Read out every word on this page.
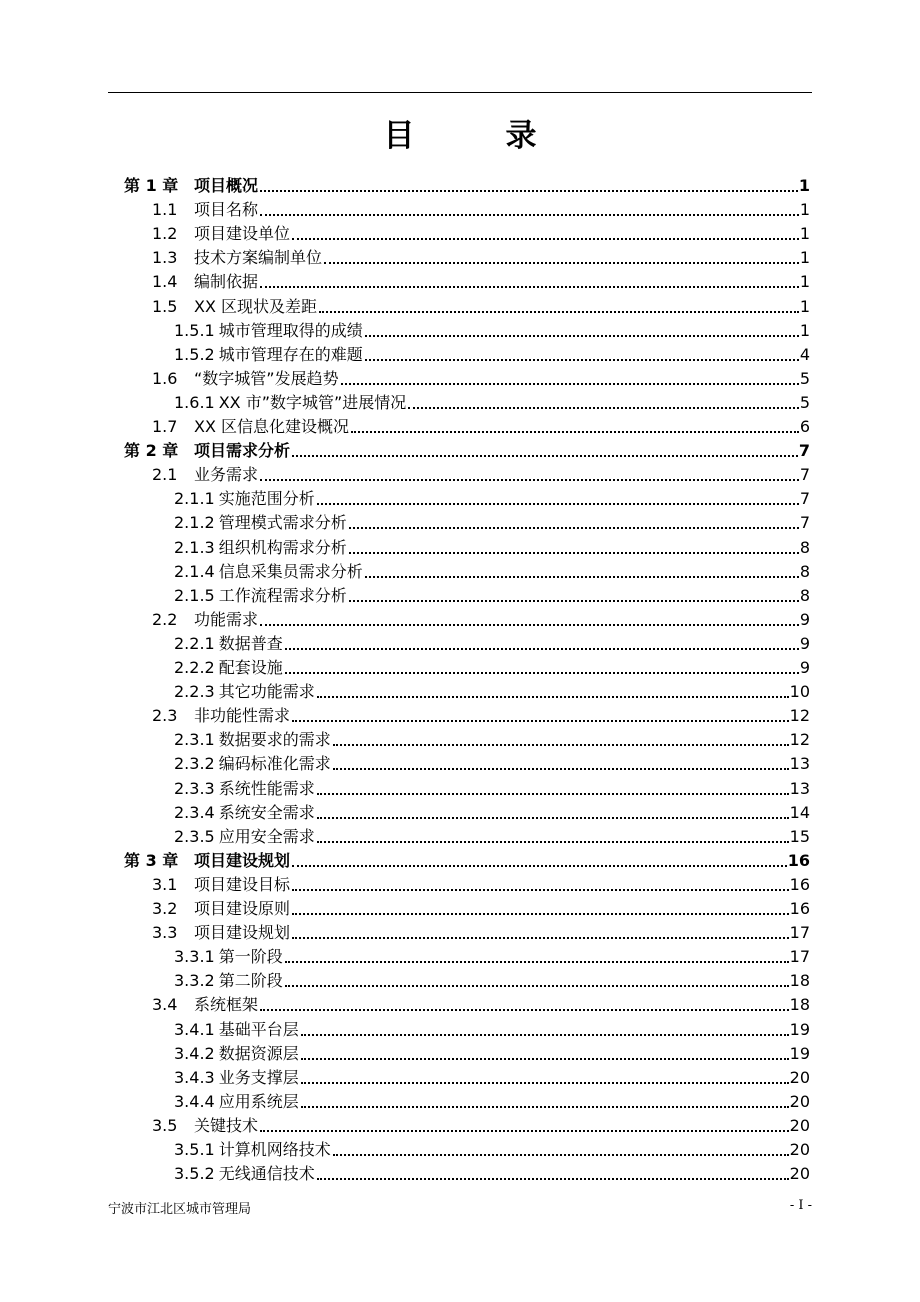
目　录
第 1 章 项目概况	1
1.1	项目名称	1
1.2	项目建设单位	1
1.3	技术方案编制单位	1
1.4	编制依据	1
1.5	XX 区现状及差距	1
1.5.1 城市管理取得的成绩	1
1.5.2 城市管理存在的难题	4
1.6	“数字城管”发展趋势	5
1.6.1 XX 市”数字城管”进展情况	5
1.7	XX 区信息化建设概况	6
第 2 章 项目需求分析	7
2.1	业务需求	7
2.1.1 实施范围分析	7
2.1.2 管理模式需求分析	7
2.1.3 组织机构需求分析	8
2.1.4 信息采集员需求分析	8
2.1.5 工作流程需求分析	8
2.2	功能需求	9
2.2.1 数据普查	9
2.2.2 配套设施	9
2.2.3 其它功能需求	10
2.3	非功能性需求	12
2.3.1 数据要求的需求	12
2.3.2 编码标准化需求	13
2.3.3 系统性能需求	13
2.3.4 系统安全需求	14
2.3.5 应用安全需求	15
第 3 章 项目建设规划	16
3.1	项目建设目标	16
3.2	项目建设原则	16
3.3	项目建设规划	17
3.3.1 第一阶段	17
3.3.2 第二阶段	18
3.4	系统框架	18
3.4.1 基础平台层	19
3.4.2 数据资源层	19
3.4.3 业务支撑层	20
3.4.4 应用系统层	20
3.5	关键技术	20
3.5.1 计算机网络技术	20
3.5.2 无线通信技术	20
宁波市江北区城市管理局	- I -
